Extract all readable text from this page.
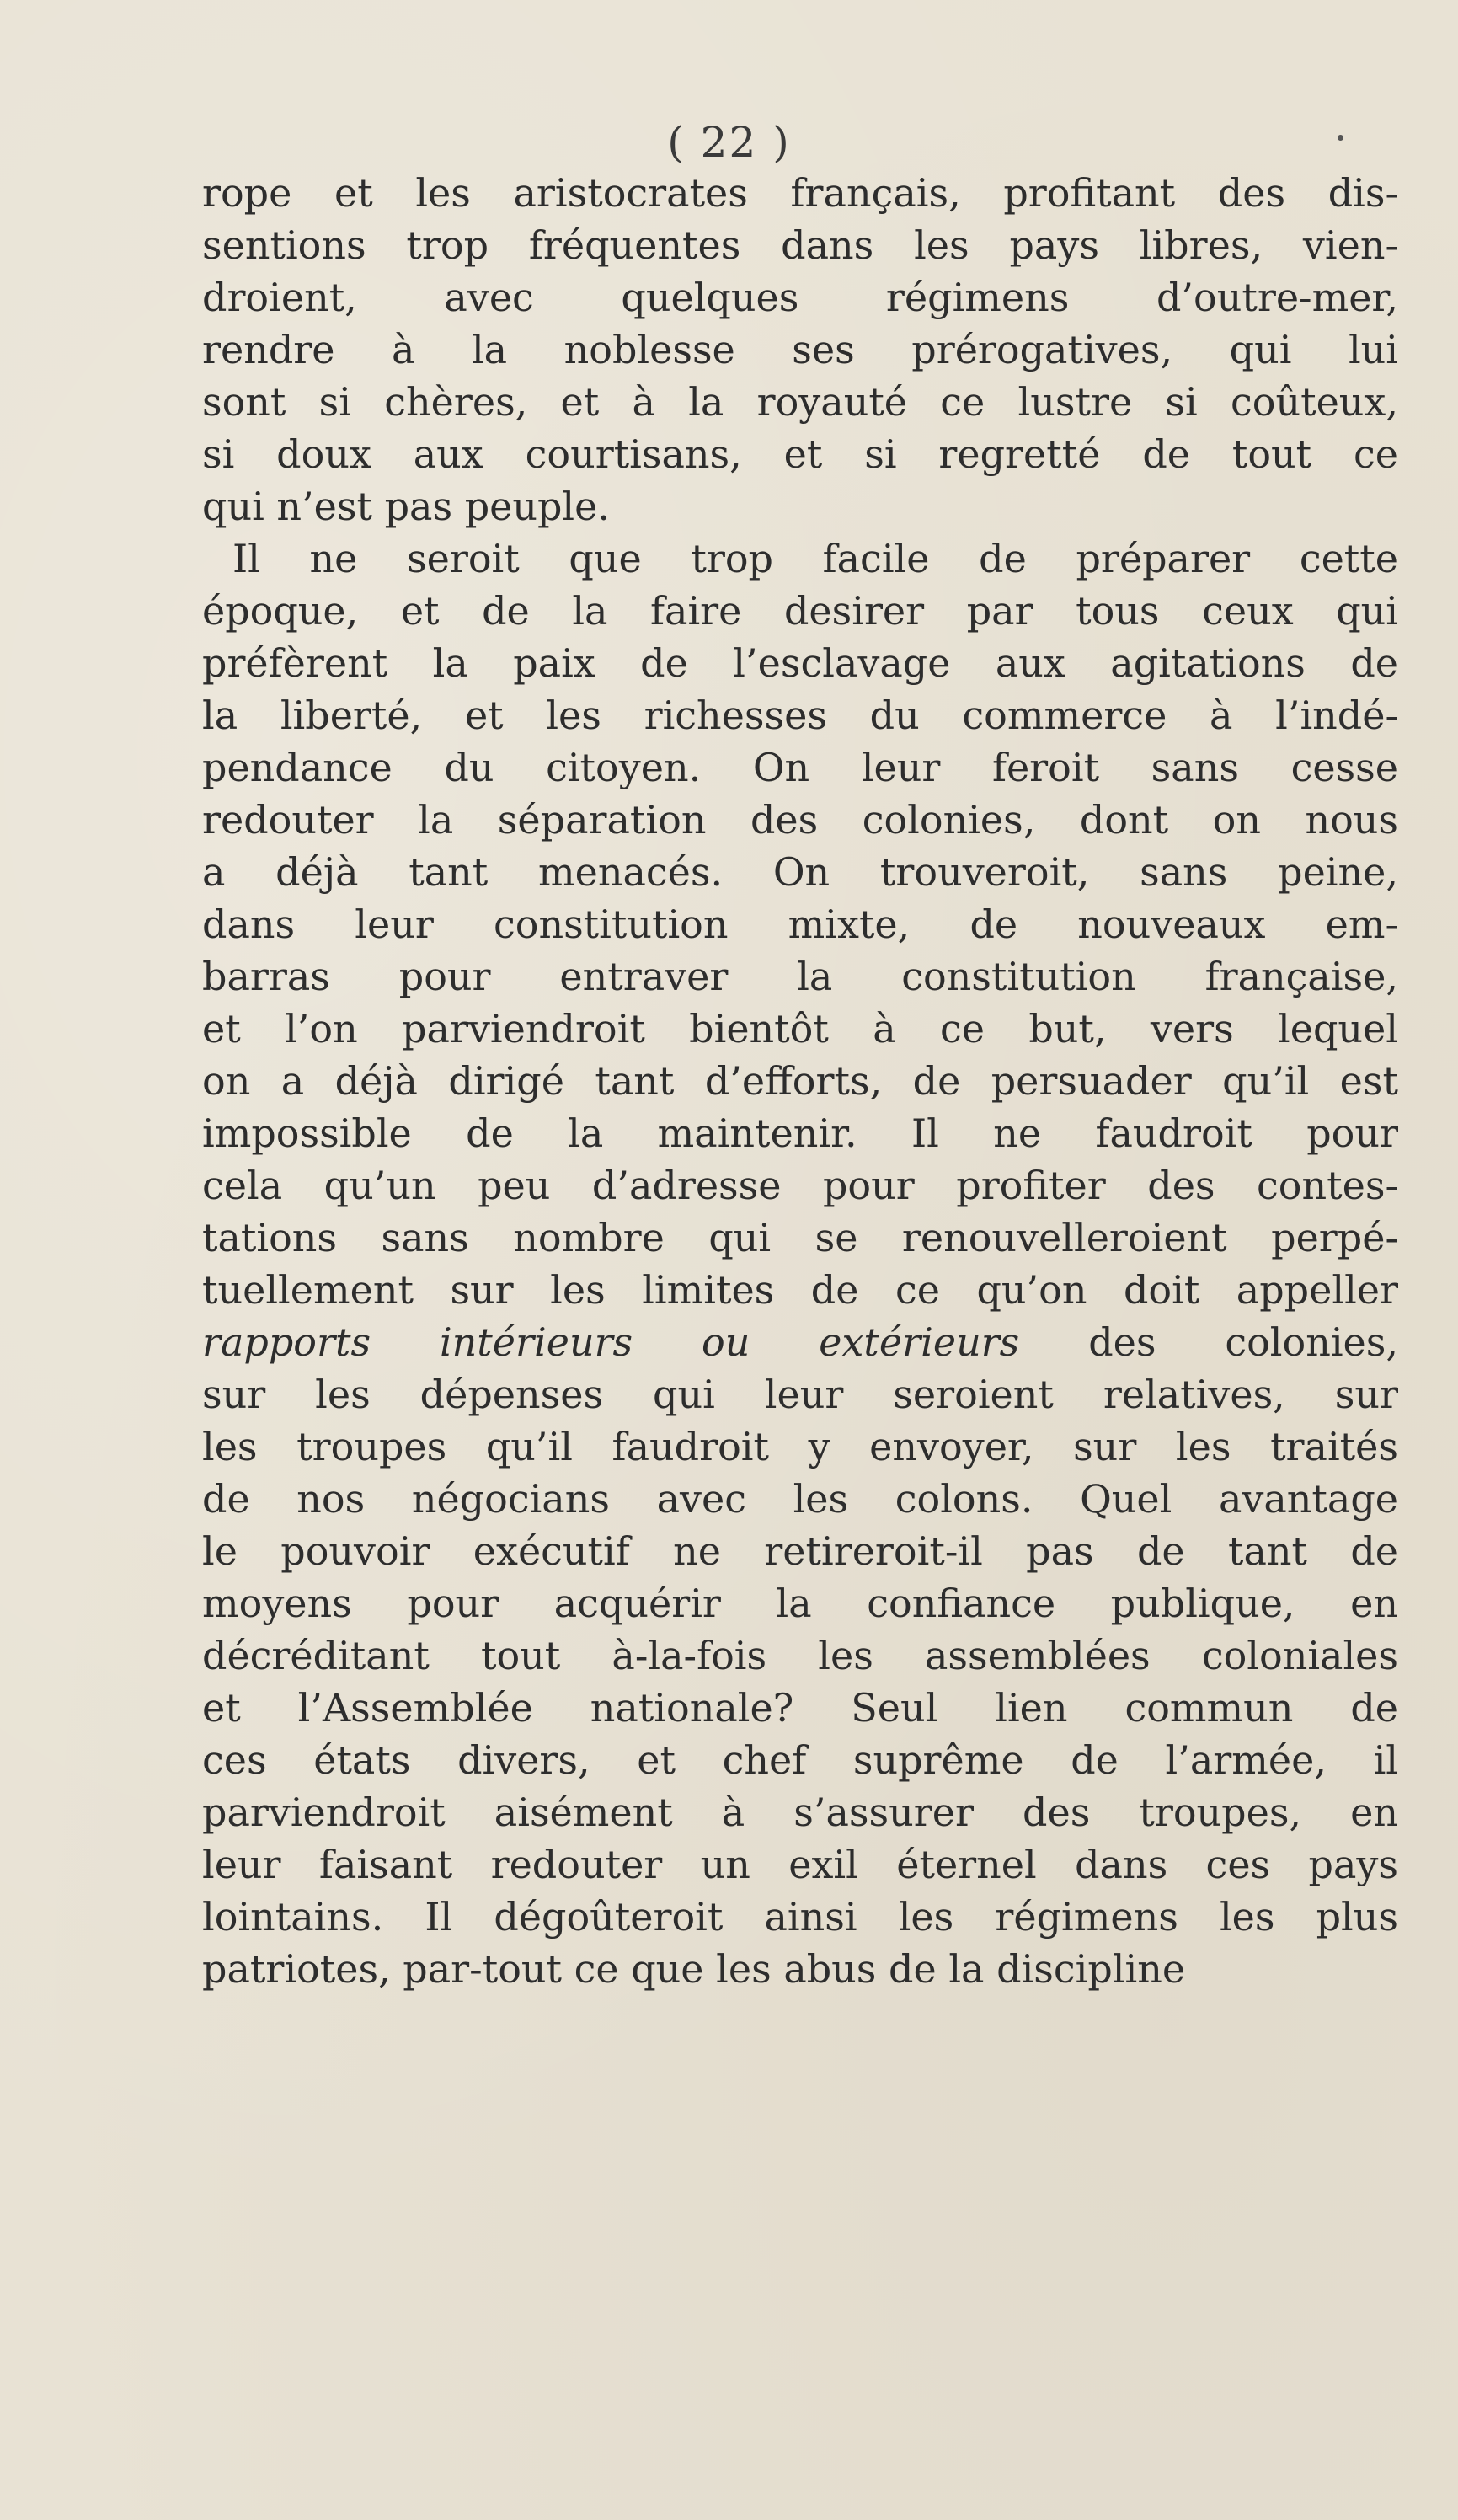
( 22 )
rope et les aristocrates français, profitant des dis-
sentions trop fréquentes dans les pays libres, vien-
droient, avec quelques régimens d’outre-mer,
rendre à la noblesse ses prérogatives, qui lui
sont si chères, et à la royauté ce lustre si coûteux,
si doux aux courtisans, et si regretté de tout ce
qui n’est pas peuple.
Il ne seroit que trop facile de préparer cette
époque, et de la faire desirer par tous ceux qui
préfèrent la paix de l’esclavage aux agitations de
la liberté, et les richesses du commerce à l’indé-
pendance du citoyen. On leur feroit sans cesse
redouter la séparation des colonies, dont on nous
a déjà tant menacés. On trouveroit, sans peine,
dans leur constitution mixte, de nouveaux em-
barras pour entraver la constitution française,
et l’on parviendroit bientôt à ce but, vers lequel
on a déjà dirigé tant d’efforts, de persuader qu’il est
impossible de la maintenir. Il ne faudroit pour
cela qu’un peu d’adresse pour profiter des contes-
tations sans nombre qui se renouvelleroient perpé-
tuellement sur les limites de ce qu’on doit appeller
rapports intérieurs ou extérieurs des colonies,
sur les dépenses qui leur seroient relatives, sur
les troupes qu’il faudroit y envoyer, sur les traités
de nos négocians avec les colons. Quel avantage
le pouvoir exécutif ne retireroit-il pas de tant de
moyens pour acquérir la confiance publique, en
décréditant tout à-la-fois les assemblées coloniales
et l’Assemblée nationale? Seul lien commun de
ces états divers, et chef suprême de l’armée, il
parviendroit aisément à s’assurer des troupes, en
leur faisant redouter un exil éternel dans ces pays
lointains. Il dégoûteroit ainsi les régimens les plus
patriotes, par-tout ce que les abus de la discipline
